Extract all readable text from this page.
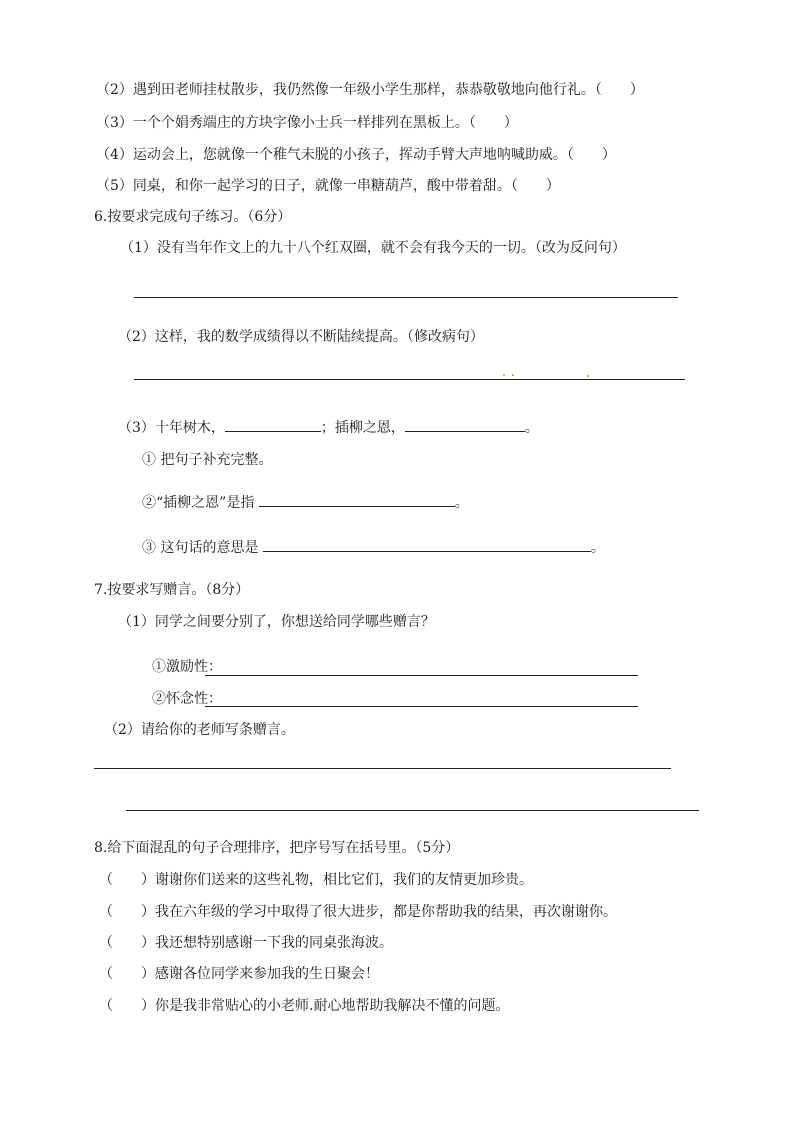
（2）遇到田老师挂杖散步，我仍然像一年级小学生那样，恭恭敬敬地向他行礼。（　　）
（3）一个个娟秀端庄的方块字像小士兵一样排列在黑板上。（　　）
（4）运动会上，您就像一个稚气未脱的小孩子，挥动手臂大声地呐喊助威。（　　）
（5）同桌，和你一起学习的日子，就像一串糖葫芦，酸中带着甜。（　　）
6.按要求完成句子练习。（6分）
（1）没有当年作文上的九十八个红双圈，就不会有我今天的一切。（改为反问句）
（2）这样，我的数学成绩得以不断陆续提高。（修改病句）
（3）十年树木，	；插柳之恩，	。
① 把句子补充完整。
②“插柳之恩”是指	。
③ 这句话的意思是	。
7.按要求写赠言。（8分）
（1）同学之间要分别了，你想送给同学哪些赠言？
①激励性：
②怀念性：
（2）请给你的老师写条赠言。
8.给下面混乱的句子合理排序，把序号写在括号里。（5分）
（　　）谢谢你们送来的这些礼物，相比它们，我们的友情更加珍贵。
（　　）我在六年级的学习中取得了很大进步，都是你帮助我的结果，再次谢谢你。
（　　）我还想特别感谢一下我的同桌张海波。
（　　）感谢各位同学来参加我的生日聚会！
（　　）你是我非常贴心的小老师.耐心地帮助我解决不懂的问题。
